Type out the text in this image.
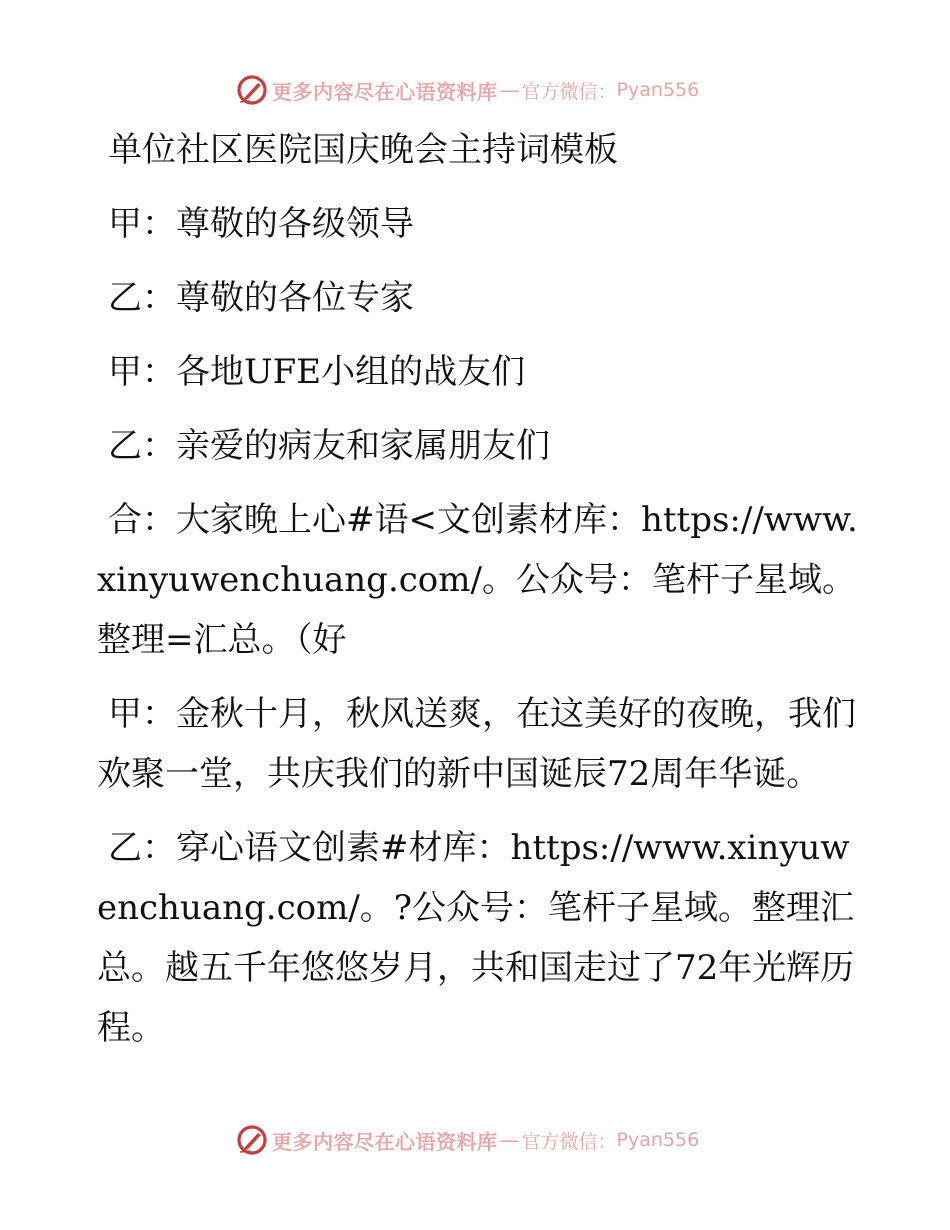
更多内容尽在心语资料库 — 官方微信： Pyan556

单位社区医院国庆晚会主持词模板

甲：尊敬的各级领导

乙：尊敬的各位专家

甲：各地UFE小组的战友们

乙：亲爱的病友和家属朋友们

合：大家晚上心#语<文创素材库：https://www.xinyuwenchuang.com/。公众号：笔杆子星域。整理=汇总。（好

甲：金秋十月，秋风送爽，在这美好的夜晚，我们欢聚一堂，共庆我们的新中国诞辰72周年华诞。

乙：穿心语文创素#材库：https://www.xinyuwenchuang.com/。?公众号：笔杆子星域。整理汇总。越五千年悠悠岁月，共和国走过了72年光辉历程。

更多内容尽在心语资料库 — 官方微信： Pyan556
